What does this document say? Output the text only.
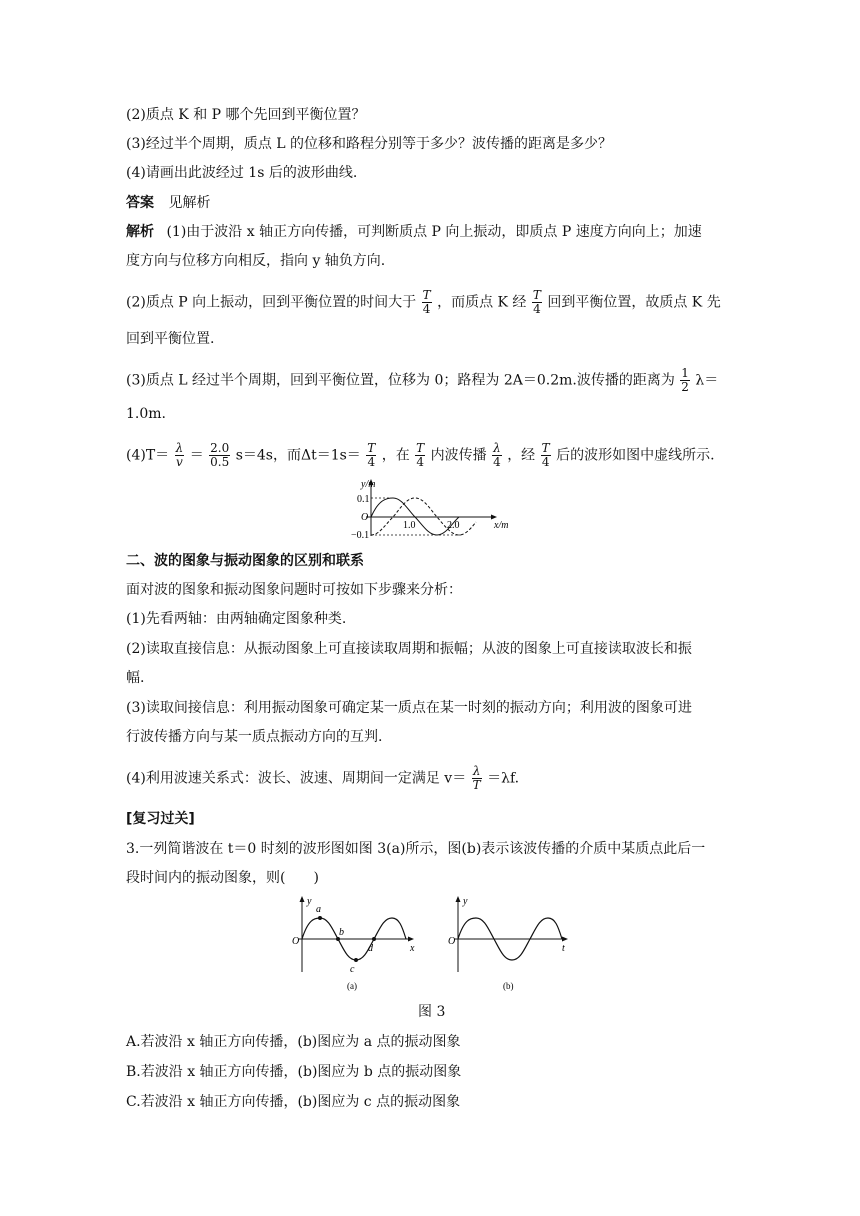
(2)质点 K 和 P 哪个先回到平衡位置？
(3)经过半个周期，质点 L 的位移和路程分别等于多少？波传播的距离是多少？
(4)请画出此波经过 1s 后的波形曲线.
答案 见解析
解析 (1)由于波沿 x 轴正方向传播，可判断质点 P 向上振动，即质点 P 速度方向向上；加速
度方向与位移方向相反，指向 y 轴负方向.
(2)质点 P 向上振动，回到平衡位置的时间大于 $\frac{T}{4}$ ，而质点 K 经 $\frac{T}{4}$ 回到平衡位置，故质点 K 先
回到平衡位置.
(3)质点 L 经过半个周期，回到平衡位置，位移为 0；路程为 2A＝0.2m.波传播的距离为 $\frac{1}{2} \lambda=$
1.0m.
$(4)T= \frac{\lambda}{v} = \frac{2.0}{0.5} s=4s$，而$\Delta t=1s= \frac{T}{4}$ ，在 $\frac{T}{4}$ 内波传播 $\frac{\lambda}{4}$ ，经 $\frac{T}{4}$ 后的波形如图中虚线所示.
y/m
0.1
O
−0.1
1.0	2.0	x/m
二、波的图象与振动图象的区别和联系
面对波的图象和振动图象问题时可按如下步骤来分析：
(1)先看两轴：由两轴确定图象种类.
(2)读取直接信息：从振动图象上可直接读取周期和振幅；从波的图象上可直接读取波长和振
幅.
(3)读取间接信息：利用振动图象可确定某一质点在某一时刻的振动方向；利用波的图象可进
行波传播方向与某一质点振动方向的互判.
(4)利用波速关系式：波长、波速、周期间一定满足 $v= \frac{\lambda}{T} =\lambda f$.
[复习过关]
3.一列简谐波在 t＝0 时刻的波形图如图 3(a)所示，图(b)表示该波传播的介质中某质点此后一
段时间内的振动图象，则(　　)
y
O
a
b
c
d	x
(a)
y
O
t
(b)
图 3
A.若波沿 x 轴正方向传播，(b)图应为 a 点的振动图象
B.若波沿 x 轴正方向传播，(b)图应为 b 点的振动图象
C.若波沿 x 轴正方向传播，(b)图应为 c 点的振动图象
